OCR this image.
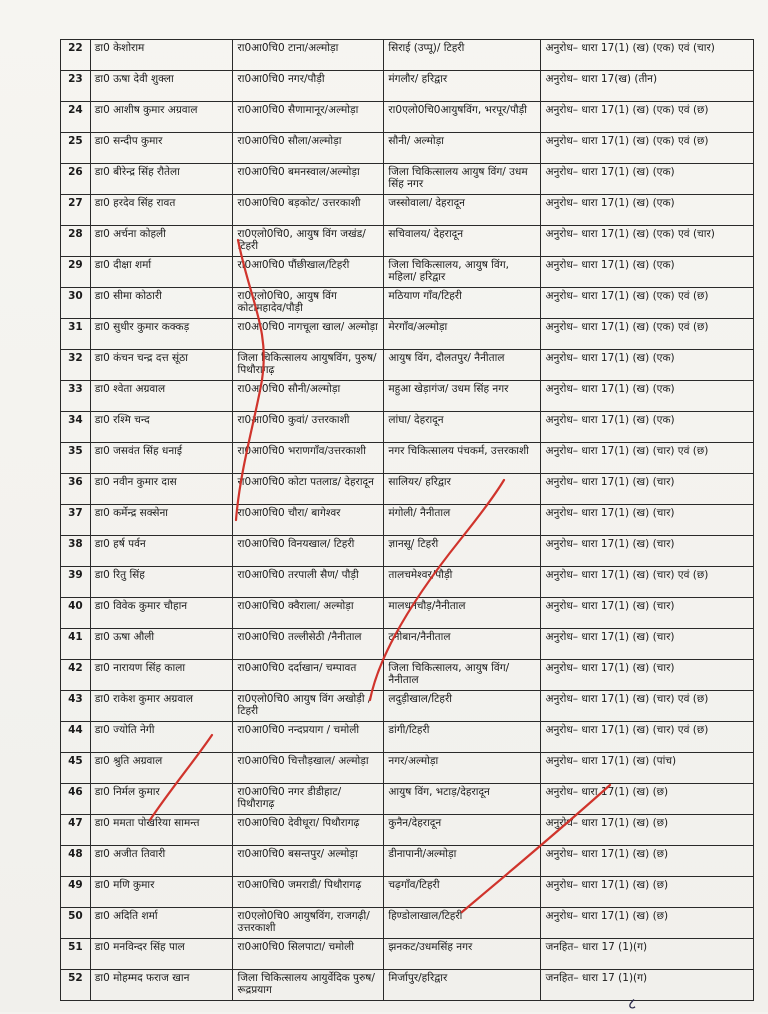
22	डा0 केशोराम	रा0आ0चि0 टाना/अल्मोड़ा	सिराई (उप्पू)/ टिहरी	अनुरोध– धारा 17(1) (ख) (एक) एवं (चार)
23	डा0 ऊषा देवी शुक्ला	रा0आ0चि0 नगर/पौड़ी	मंगलौर/ हरिद्वार	अनुरोध– धारा 17(ख) (तीन)
24	डा0 आशीष कुमार अग्रवाल	रा0आ0चि0 सैणामानूर/अल्मोड़ा	रा0एलो0चि0आयुषविंग, भरपूर/पौड़ी	अनुरोध– धारा 17(1) (ख) (एक) एवं (छ)
25	डा0 सन्दीप कुमार	रा0आ0चि0 सौला/अल्मोड़ा	सौनी/ अल्मोड़ा	अनुरोध– धारा 17(1) (ख) (एक) एवं (छ)
26	डा0 बीरेन्द्र सिंह रौतेला	रा0आ0चि0 बमनस्वाल/अल्मोड़ा	जिला चिकित्सालय आयुष विंग/ उधम सिंह नगर	अनुरोध– धारा 17(1) (ख) (एक)
27	डा0 हरदेव सिंह रावत	रा0आ0चि0 बड़कोट/ उत्तरकाशी	जस्सोवाला/ देहरादून	अनुरोध– धारा 17(1) (ख) (एक)
28	डा0 अर्चना कोहली	रा0एलो0चि0, आयुष विंग जखंड/टिहरी	सचिवालय/ देहरादून	अनुरोध– धारा 17(1) (ख) (एक) एवं (चार)
29	डा0 दीक्षा शर्मा	रा0आ0चि0 पौंछीखाल/टिहरी	जिला चिकित्सालय, आयुष विंग, महिला/ हरिद्वार	अनुरोध– धारा 17(1) (ख) (एक)
30	डा0 सीमा कोठारी	रा0एलो0चि0, आयुष विंग कोटामहादेव/पौड़ी	मठियाण गाँव/टिहरी	अनुरोध– धारा 17(1) (ख) (एक) एवं (छ)
31	डा0 सुधीर कुमार कक्कड़	रा0आ0चि0 नागचूला खाल/ अल्मोड़ा	मेरगाँव/अल्मोड़ा	अनुरोध– धारा 17(1) (ख) (एक) एवं (छ)
32	डा0 कंचन चन्द्र दत्त सूंठा	जिला चिकित्सालय आयुषविंग, पुरुष/पिथौरागढ़	आयुष विंग, दौलतपुर/ नैनीताल	अनुरोध– धारा 17(1) (ख) (एक)
33	डा0 श्वेता अग्रवाल	रा0आ0चि0 सौनी/अल्मोड़ा	महुआ खेड़ागंज/ उधम सिंह नगर	अनुरोध– धारा 17(1) (ख) (एक)
34	डा0 रश्मि चन्द	रा0आ0चि0 कुवां/ उत्तरकाशी	लांघा/ देहरादून	अनुरोध– धारा 17(1) (ख) (एक)
35	डा0 जसवंत सिंह धनाई	रा0आ0चि0 भराणगाँव/उत्तरकाशी	नगर चिकित्सालय पंचकर्म, उत्तरकाशी	अनुरोध– धारा 17(1) (ख) (चार) एवं (छ)
36	डा0 नवीन कुमार दास	रा0आ0चि0 कोटा पतलाड/ देहरादून	सालियर/ हरिद्वार	अनुरोध– धारा 17(1) (ख) (चार)
37	डा0 कर्मेन्द्र सक्सेना	रा0आ0चि0 चौरा/ बागेश्वर	मंगोली/ नैनीताल	अनुरोध– धारा 17(1) (ख) (चार)
38	डा0 हर्ष पर्वन	रा0आ0चि0 विनयखाल/ टिहरी	ज्ञानसू/ टिहरी	अनुरोध– धारा 17(1) (ख) (चार)
39	डा0 रितु सिंह	रा0आ0चि0 तरपाली सैण/ पौड़ी	तालचमेश्वर/पौड़ी	अनुरोध– धारा 17(1) (ख) (चार) एवं (छ)
40	डा0 विवेक कुमार चौहान	रा0आ0चि0 क्वैराला/ अल्मोड़ा	मालधनचौड़/नैनीताल	अनुरोध– धारा 17(1) (ख) (चार)
41	डा0 ऊषा औली	रा0आ0चि0 तल्लीसेठी /नैनीताल	टनीबान/नैनीताल	अनुरोध– धारा 17(1) (ख) (चार)
42	डा0 नारायण सिंह काला	रा0आ0चि0 दर्दाखान/ चम्पावत	जिला चिकित्सालय, आयुष विंग/ नैनीताल	अनुरोध– धारा 17(1) (ख) (चार)
43	डा0 राकेश कुमार अग्रवाल	रा0एलो0चि0 आयुष विंग अखोड़ी /टिहरी	लदुड़ीखाल/टिहरी	अनुरोध– धारा 17(1) (ख) (चार) एवं (छ)
44	डा0 ज्योति नेगी	रा0आ0चि0 नन्दप्रयाग / चमोली	डांगी/टिहरी	अनुरोध– धारा 17(1) (ख) (चार) एवं (छ)
45	डा0 श्रुति अग्रवाल	रा0आ0चि0 चित्तौड़खाल/ अल्मोड़ा	नगर/अल्मोड़ा	अनुरोध– धारा 17(1) (ख) (पांच)
46	डा0 निर्मल कुमार	रा0आ0चि0 नगर डीडीहाट/ पिथौरागढ़	आयुष विंग, भटाड़/देहरादून	अनुरोध– धारा 17(1) (ख) (छ)
47	डा0 ममता पोखरिया सामन्त	रा0आ0चि0 देवीधूरा/ पिथौरागढ़	कुनैन/देहरादून	अनुरोध– धारा 17(1) (ख) (छ)
48	डा0 अजीत तिवारी	रा0आ0चि0 बसन्तपुर/ अल्मोड़ा	डीनापानी/अल्मोड़ा	अनुरोध– धारा 17(1) (ख) (छ)
49	डा0 मणि कुमार	रा0आ0चि0 जमराडी/ पिथौरागढ़	चढ़गाँव/टिहरी	अनुरोध– धारा 17(1) (ख) (छ)
50	डा0 अदिति शर्मा	रा0एलो0चि0 आयुषविंग, राजगढ़ी/उत्तरकाशी	हिण्डोलाखाल/टिहरी	अनुरोध– धारा 17(1) (ख) (छ)
51	डा0 मनविन्दर सिंह पाल	रा0आ0चि0 सिलपाटा/ चमोली	झनकट/उधमसिंह नगर	जनहित– धारा 17 (1)(ग)
52	डा0 मोहम्मद फराज खान	जिला चिकित्सालय आयुर्वेदिक पुरुष/रूद्रप्रयाग	मिर्जापुर/हरिद्वार	जनहित– धारा 17 (1)(ग)
८
